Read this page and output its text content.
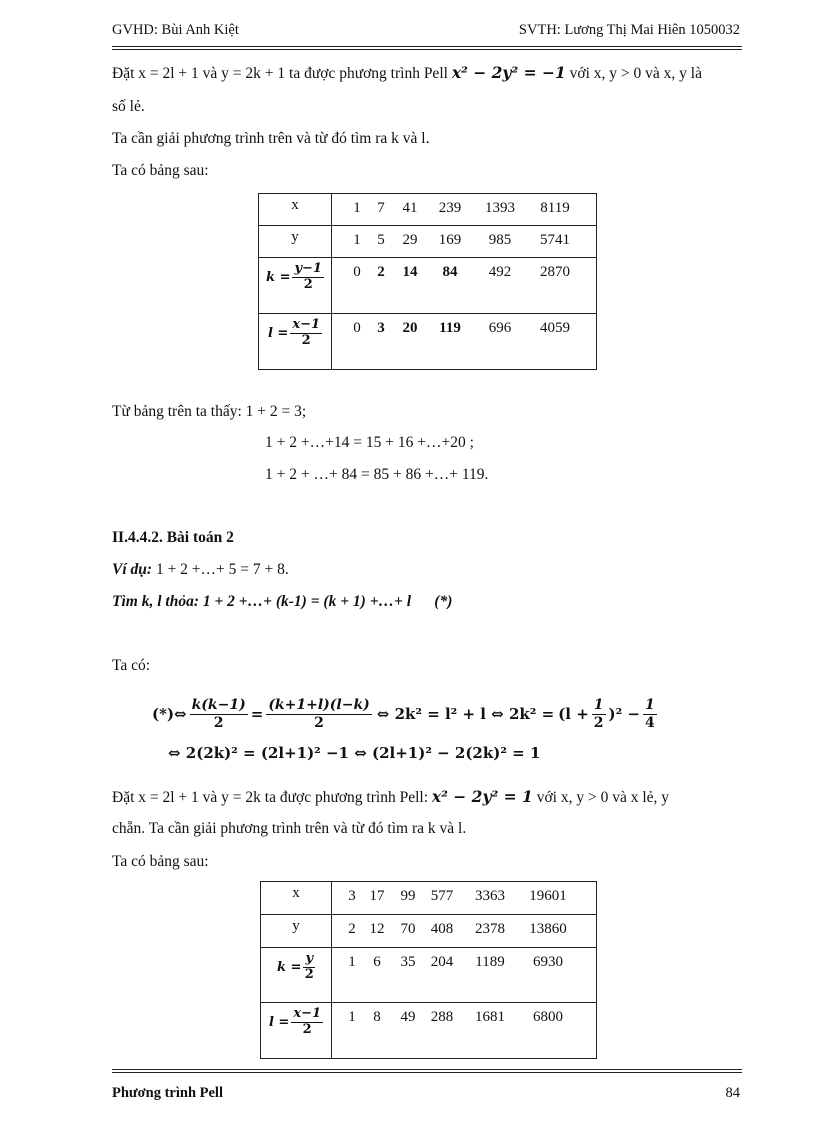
GVHD: Bùi Anh Kiệt	SVTH: Lương Thị Mai Hiên 1050032
Đặt x = 2l + 1 và y = 2k + 1 ta được phương trình Pell x² − 2y² = −1 với x, y > 0 và x, y là
số lẻ.
Ta cần giải phương trình trên và từ đó tìm ra k và l.
Ta có bảng sau:
x	1 7 41 239 1393 8119

y	1 5 29 169 985 5741

$k = \frac{y-1}{2}$	0 2 14 84 492 2870

$l = \frac{x-1}{2}$	0 3 20 119 696 4059
Từ bảng trên ta thấy: 1 + 2 = 3;
1 + 2 +…+14 = 15 + 16 +…+20 ;
1 + 2 + …+ 84 = 85 + 86 +…+ 119.
II.4.4.2. Bài toán 2
Ví dụ: 1 + 2 +…+ 5 = 7 + 8.
Tìm k, l thỏa: 1 + 2 +…+ (k-1) = (k + 1) +…+ l      (*)
Ta có:
(*)⇔ $\frac{k(k-1)}{2} = \frac{(k+1+l)(l-k)}{2}$ ⇔ 2k² = l² + l ⇔ $2k^2 = (l + \frac{1}{2} )^2 - \frac{1}{4}$
⇔ 2(2k)² = (2l+1)² −1 ⇔ (2l+1)² − 2(2k)² = 1
Đặt x = 2l + 1 và y = 2k ta được phương trình Pell: x² − 2y² = 1 với x, y > 0 và x lẻ, y
chẵn. Ta cần giải phương trình trên và từ đó tìm ra k và l.
Ta có bảng sau:
x	3 17 99 577 3363 19601

y	2 12 70 408 2378 13860

$k = \frac{y}{2}$	1 6 35 204 1189 6930

$l = \frac{x-1}{2}$	1 8 49 288 1681 6800
Phương trình Pell	84
